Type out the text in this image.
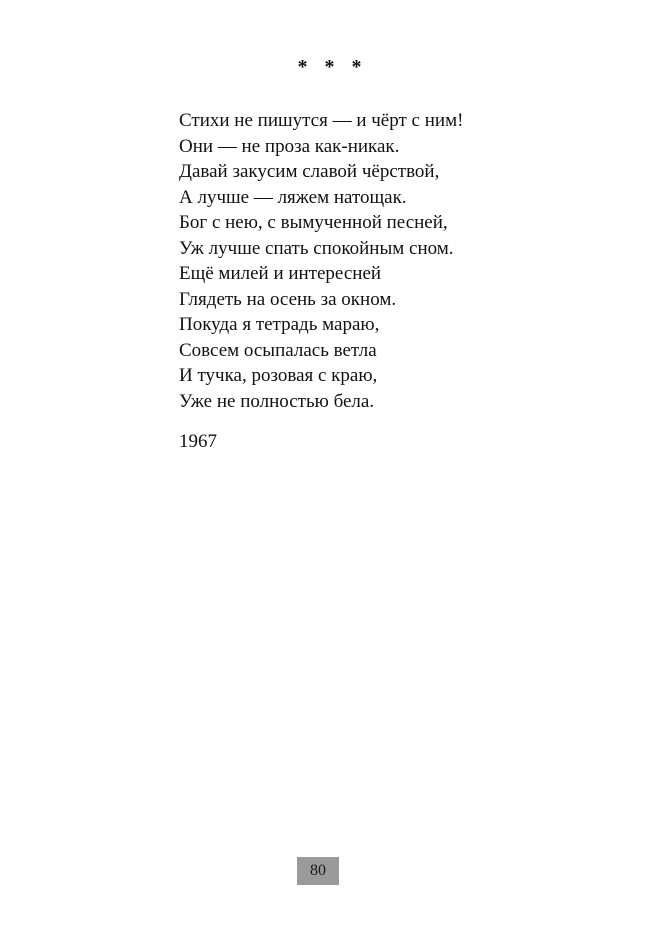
* * *
Стихи не пишутся — и чёрт с ним!
Они — не проза как-никак.
Давай закусим славой чёрствой,
А лучше — ляжем натощак.
Бог с нею, с вымученной песней,
Уж лучше спать спокойным сном.
Ещё милей и интересней
Глядеть на осень за окном.
Покуда я тетрадь мараю,
Совсем осыпалась ветла
И тучка, розовая с краю,
Уже не полностью бела.
1967
80
